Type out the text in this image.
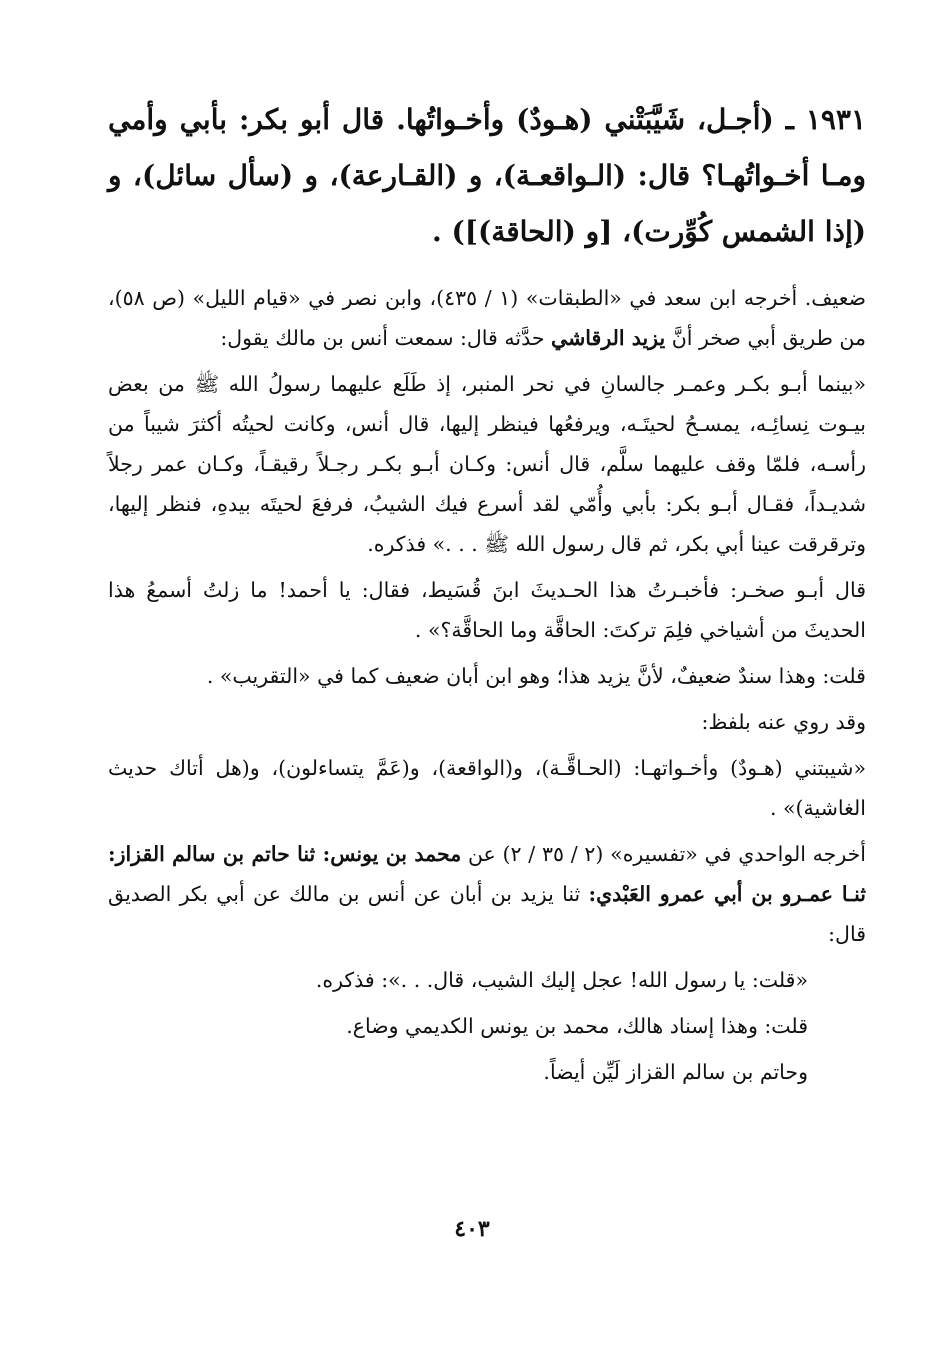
١٩٣١ ـ (أجـل، شَيَّبَتْني (هـودٌ) وأخـواتُها. قال أبو بكر: بأبي وأمي ومـا أخـواتُهـا؟ قال: (الـواقعـة)، و (القـارعة)، و (سأل سائل)، و (إذا الشمس كُوِّرت)، [و (الحاقة)]) .

ضعيف. أخرجه ابن سعد في «الطبقات» (١ / ٤٣٥)، وابن نصر في «قيام الليل» (ص ٥٨)، من طريق أبي صخر أنَّ يزيد الرقاشي حدَّثه قال: سمعت أنس بن مالك يقول:

«بينما أبـو بكـر وعمـر جالسانِ في نحر المنبر، إذ طَلَع عليهما رسولُ الله ﷺ من بعض بيـوت نِسائِـه، يمسـحُ لحيتَـه، ويرفعُها فينظر إليها، قال أنس، وكانت لحيتُه أكثرَ شيباً من رأسـه، فلمّا وقف عليهما سلَّم، قال أنس: وكـان أبـو بكـر رجـلاً رقيقـاً، وكـان عمر رجلاً شديـداً، فقـال أبـو بكر: بأبي وأُمّي لقد أسرع فيك الشيبُ، فرفعَ لحيتَه بيدهِ، فنظر إليها، وترقرقت عينا أبي بكر، ثم قال رسول الله ﷺ . . .» فذكره.

قال أبـو صخـر: فأخبـرتُ هذا الحـديثَ ابنَ قُسَيط، فقال: يا أحمد! ما زلتُ أسمعُ هذا الحديثَ من أشياخي فلِمَ تركتَ: الحاقَّة وما الحاقَّة؟» .

قلت: وهذا سندٌ ضعيفٌ، لأنَّ يزيد هذا؛ وهو ابن أبان ضعيف كما في «التقريب» .

وقد روي عنه بلفظ:

«شيبتني (هـودٌ) وأخـواتهـا: (الحـاقَّـة)، و(الواقعة)، و(عَمَّ يتساءلون)، و(هل أتاك حديث الغاشية)» .

أخرجه الواحدي في «تفسيره» (٢ / ٣٥ / ٢) عن محمد بن يونس: ثنا حاتم بن سالم القزاز: ثنـا عمـرو بن أبي عمرو العَبْدي: ثنا يزيد بن أبان عن أنس بن مالك عن أبي بكر الصديق قال:

«قلت: يا رسول الله! عجل إليك الشيب، قال. . .»: فذكره.

قلت: وهذا إسناد هالك، محمد بن يونس الكديمي وضاع.

وحاتم بن سالم القزاز لَيِّن أيضاً.

٤٠٣
